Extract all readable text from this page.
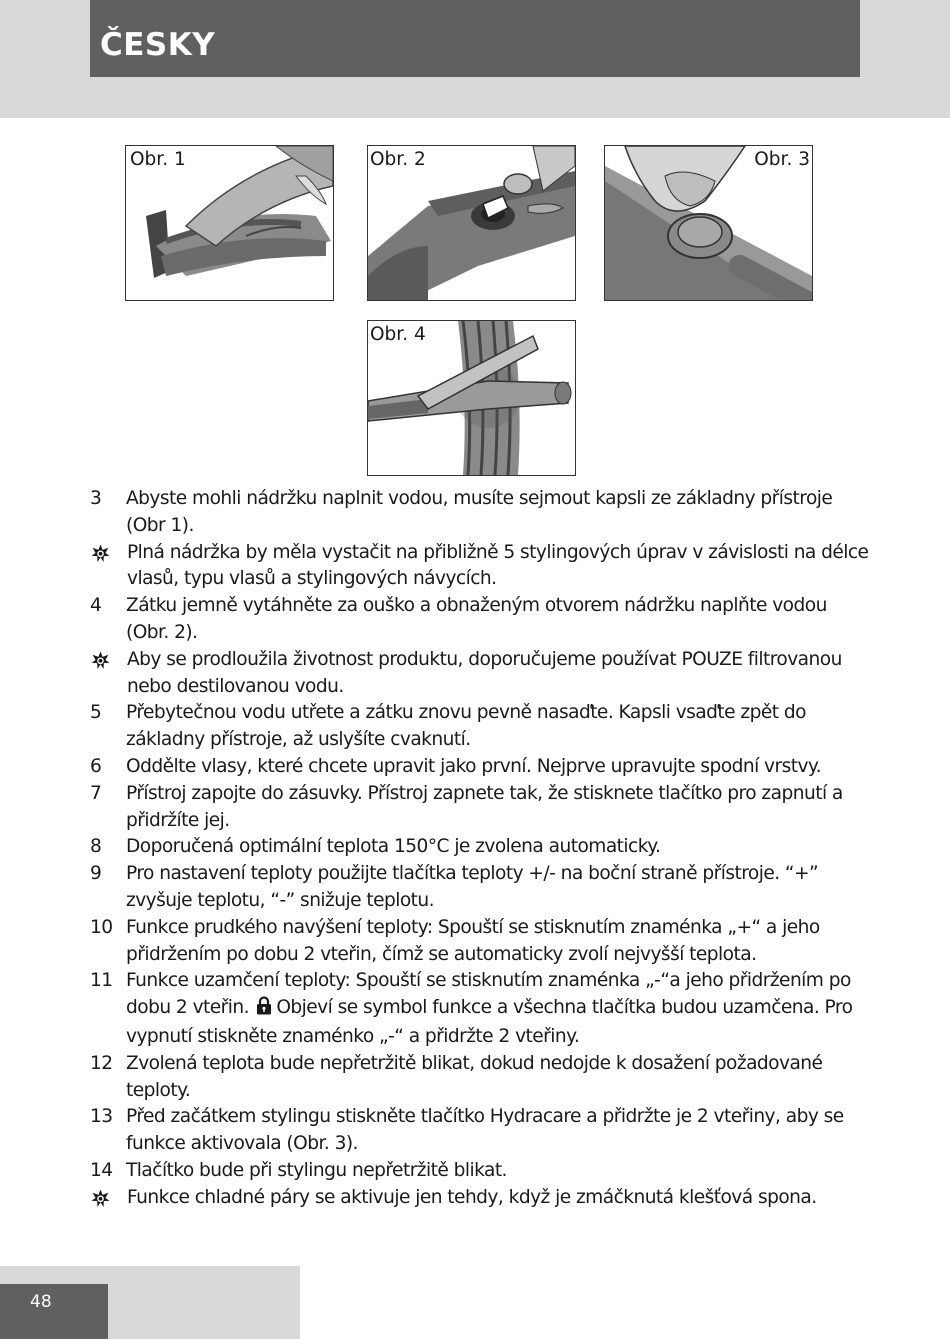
ČESKY
Obr. 1	Obr. 2	Obr. 3
Obr. 4
3	Abyste mohli nádržku naplnit vodou, musíte sejmout kapsli ze základny přístroje (Obr 1).
Plná nádržka by měla vystačit na přibližně 5 stylingových úprav v závislosti na délce vlasů, typu vlasů a stylingových návycích.
4	Zátku jemně vytáhněte za ouško a obnaženým otvorem nádržku naplňte vodou (Obr. 2).
Aby se prodloužila životnost produktu, doporučujeme používat POUZE filtrovanou nebo destilovanou vodu.
5	Přebytečnou vodu utřete a zátku znovu pevně nasaďte. Kapsli vsaďte zpět do základny přístroje, až uslyšíte cvaknutí.
6	Oddělte vlasy, které chcete upravit jako první. Nejprve upravujte spodní vrstvy.
7	Přístroj zapojte do zásuvky. Přístroj zapnete tak, že stisknete tlačítko pro zapnutí a přidržíte jej.
8	Doporučená optimální teplota 150°C je zvolena automaticky.
9	Pro nastavení teploty použijte tlačítka teploty +/- na boční straně přístroje. “+” zvyšuje teplotu, “-” snižuje teplotu.
10 Funkce prudkého navýšení teploty: Spouští se stisknutím znaménka „+“ a jeho přidržením po dobu 2 vteřin, čímž se automaticky zvolí nejvyšší teplota.
11 Funkce uzamčení teploty: Spouští se stisknutím znaménka „-“a jeho přidržením po dobu 2 vteřin. Objeví se symbol funkce a všechna tlačítka budou uzamčena. Pro vypnutí stiskněte znaménko „-“ a přidržte 2 vteřiny.
12 Zvolená teplota bude nepřetržitě blikat, dokud nedojde k dosažení požadované teploty.
13 Před začátkem stylingu stiskněte tlačítko Hydracare a přidržte je 2 vteřiny, aby se funkce aktivovala (Obr. 3).
14 Tlačítko bude při stylingu nepřetržitě blikat.
Funkce chladné páry se aktivuje jen tehdy, když je zmáčknutá klešťová spona.
48
